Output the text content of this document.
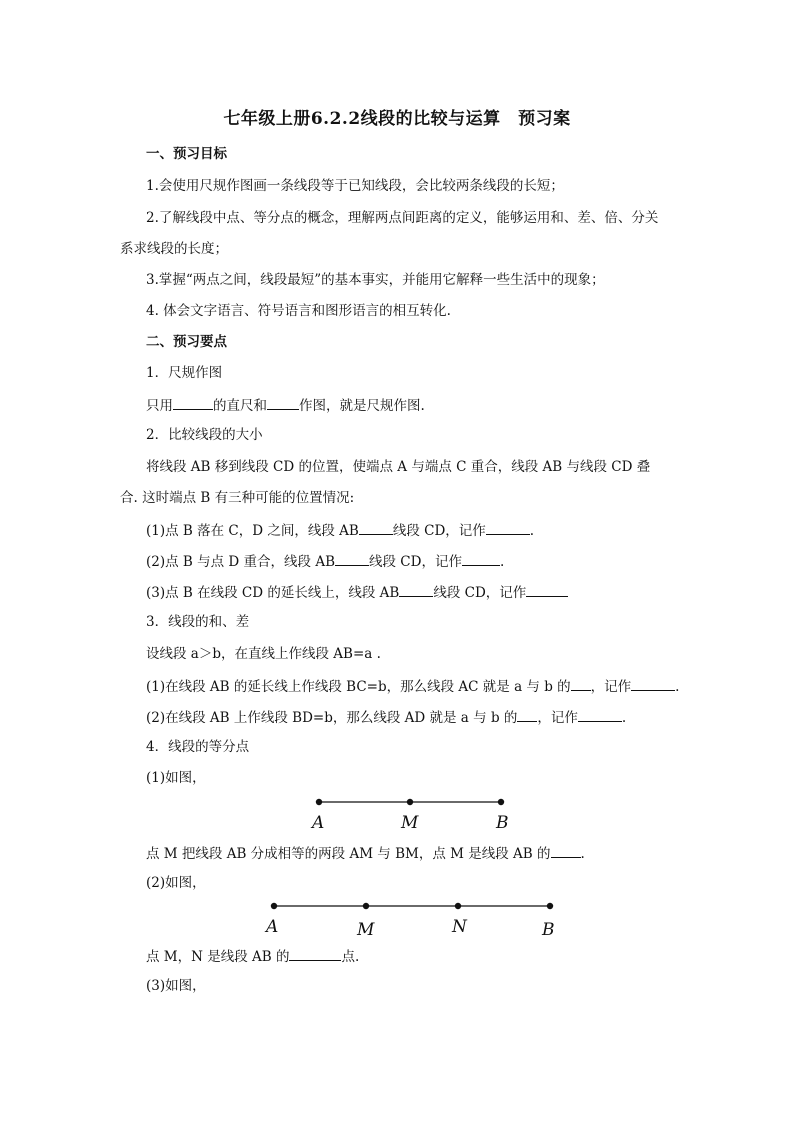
七年级上册6.2.2线段的比较与运算　预习案
一、预习目标
1.会使用尺规作图画一条线段等于已知线段，会比较两条线段的长短；
2.了解线段中点、等分点的概念，理解两点间距离的定义，能够运用和、差、倍、分关
系求线段的长度；
3.掌握“两点之间，线段最短”的基本事实，并能用它解释一些生活中的现象；
4. 体会文字语言、符号语言和图形语言的相互转化.
二、预习要点
1．尺规作图
只用	的直尺和 作图，就是尺规作图.
2．比较线段的大小
将线段 AB 移到线段 CD 的位置，使端点 A 与端点 C 重合，线段 AB 与线段 CD 叠
合. 这时端点 B 有三种可能的位置情况:
(1)点 B 落在 C，D 之间，线段 AB	线段 CD，记作	.
(2)点 B 与点 D 重合，线段 AB	线段 CD，记作	.
(3)点 B 在线段 CD 的延长线上，线段 AB	线段 CD，记作
3．线段的和、差
设线段 a＞b，在直线上作线段 AB=a .
(1)在线段 AB 的延长线上作线段 BC=b，那么线段 AC 就是 a 与 b 的 ，记作	.
(2)在线段 AB 上作线段 BD=b，那么线段 AD 就是 a 与 b 的 ，记作	.
4．线段的等分点
(1)如图，
A	M	B
点 M 把线段 AB 分成相等的两段 AM 与 BM，点 M 是线段 AB 的 .
(2)如图，
A	M	N	B
点 M，N 是线段 AB 的	点.
(3)如图，
